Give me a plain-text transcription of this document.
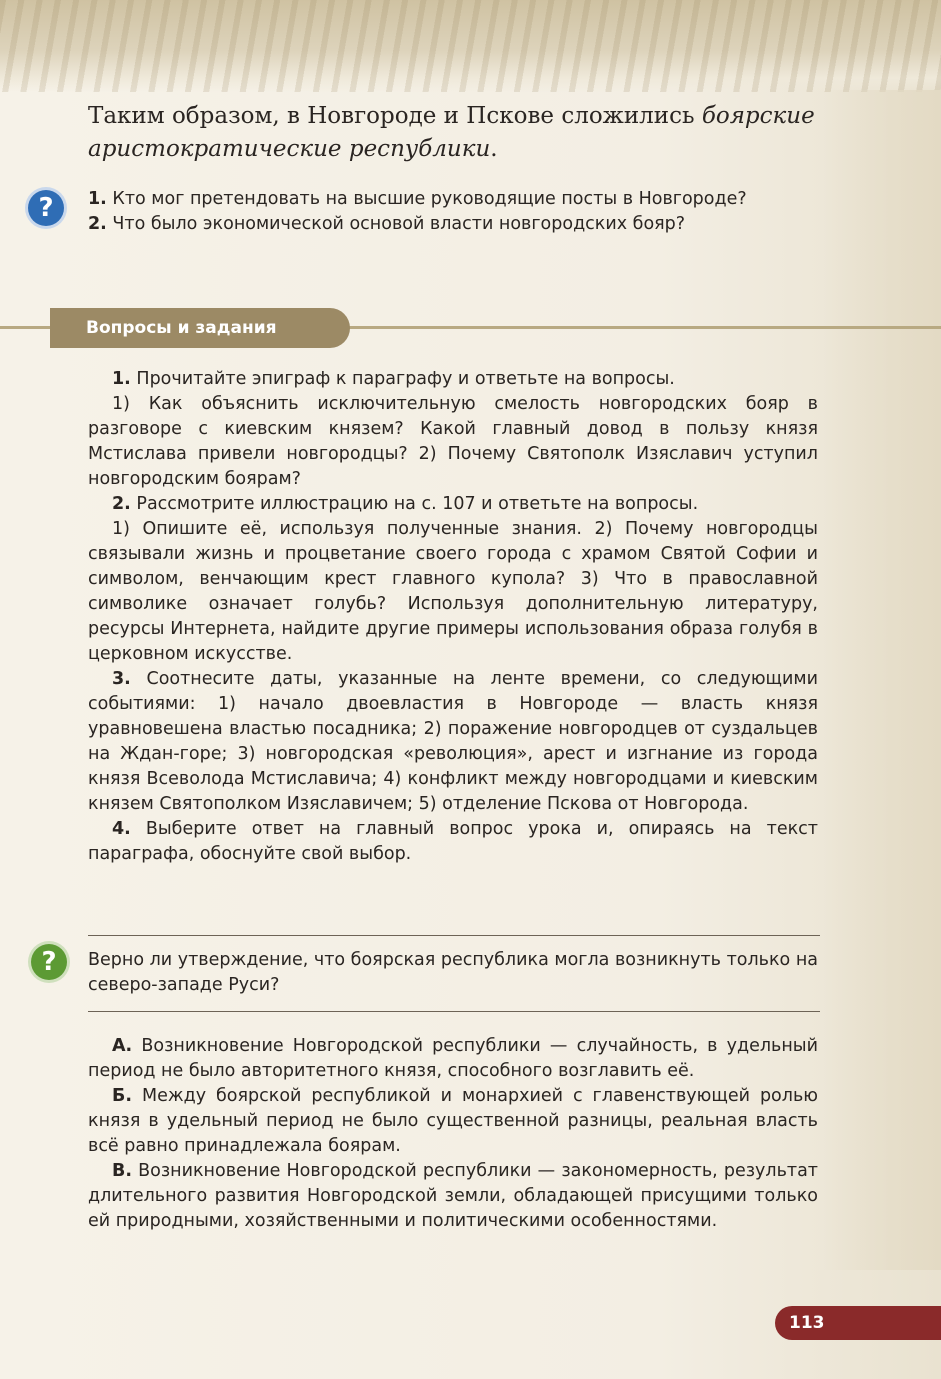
Таким образом, в Новгороде и Пскове сложились боярские аристократические республики.
?	1. Кто мог претендовать на высшие руководящие посты в Новгороде?

2. Что было экономической основой власти новгородских бояр?

Вопросы и задания

1. Прочитайте эпиграф к параграфу и ответьте на вопросы.

1) Как объяснить исключительную смелость новгородских бояр в разговоре с киевским князем? Какой главный довод в пользу князя Мстислава привели новгородцы? 2) Почему Святополк Изяславич уступил новгородским боярам?

2. Рассмотрите иллюстрацию на с. 107 и ответьте на вопросы.

1) Опишите её, используя полученные знания. 2) Почему новгородцы связывали жизнь и процветание своего города с храмом Святой Софии и символом, венчающим крест главного купола? 3) Что в православной символике означает голубь? Используя дополнительную литературу, ресурсы Интернета, найдите другие примеры использования образа голубя в церковном искусстве.

3. Соотнесите даты, указанные на ленте времени, со следующими событиями: 1) начало двоевластия в Новгороде — власть князя уравновешена властью посадника; 2) поражение новгородцев от суздальцев на Ждан-горе; 3) новгородская «революция», арест и изгнание из города князя Всеволода Мстиславича; 4) конфликт между новгородцами и киевским князем Святополком Изяславичем; 5) отделение Пскова от Новгорода.

4. Выберите ответ на главный вопрос урока и, опираясь на текст параграфа, обоснуйте свой выбор.

?	Верно ли утверждение, что боярская республика могла возникнуть только на северо-западе Руси?

А. Возникновение Новгородской республики — случайность, в удельный период не было авторитетного князя, способного возглавить её.

Б. Между боярской республикой и монархией с главенствующей ролью князя в удельный период не было существенной разницы, реальная власть всё равно принадлежала боярам.

В. Возникновение Новгородской республики — закономерность, результат длительного развития Новгородской земли, обладающей присущими только ей природными, хозяйственными и политическими особенностями.

113
